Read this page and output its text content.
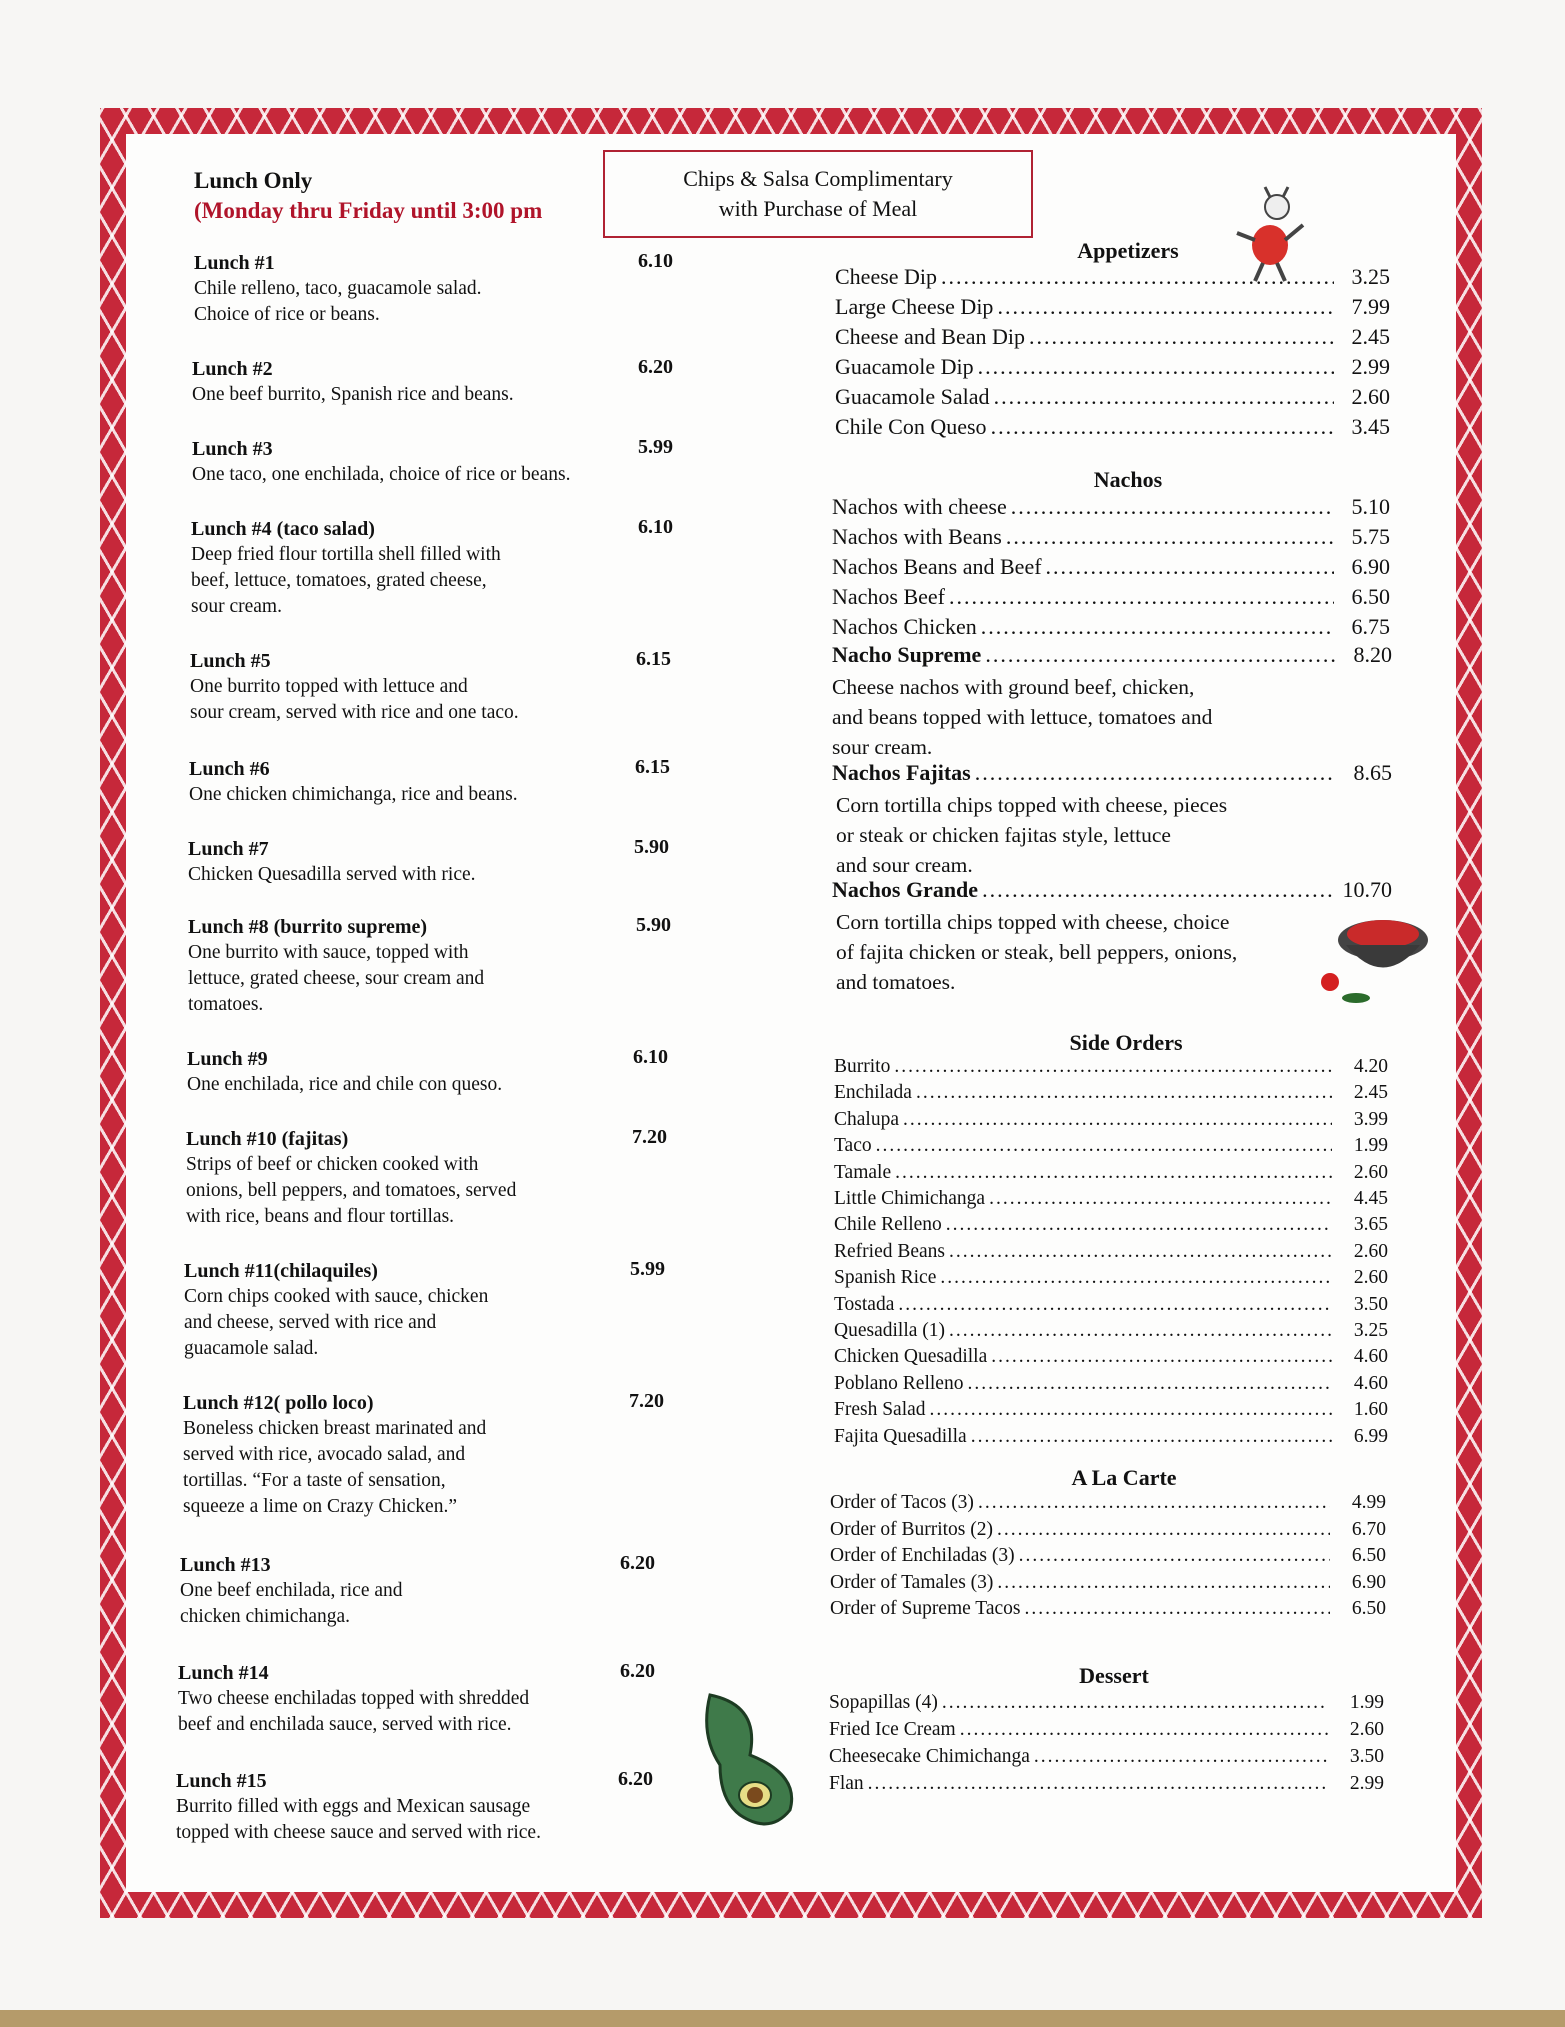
Lunch Only
(Monday thru Friday until 3:00 pm
Chips & Salsa Complimentary
with Purchase of Meal
Lunch #1
Chile relleno, taco, guacamole salad.
Choice of rice or beans.
6.10
Lunch #2
One beef burrito, Spanish rice and beans.
6.20
Lunch #3
One taco, one enchilada, choice of rice or beans.
5.99
Lunch #4 (taco salad)
Deep fried flour tortilla shell filled with
beef, lettuce, tomatoes, grated cheese,
sour cream.
6.10
Lunch #5
One burrito topped with lettuce and
sour cream, served with rice and one taco.
6.15
Lunch #6
One chicken chimichanga, rice and beans.
6.15
Lunch #7
Chicken Quesadilla served with rice.
5.90
Lunch #8 (burrito supreme)
One burrito with sauce, topped with
lettuce, grated cheese, sour cream and
tomatoes.
5.90
Lunch #9
One enchilada, rice and chile con queso.
6.10
Lunch #10 (fajitas)
Strips of beef or chicken cooked with
onions, bell peppers, and tomatoes, served
with rice, beans and flour tortillas.
7.20
Lunch #11(chilaquiles)
Corn chips cooked with sauce, chicken
and cheese, served with rice and
guacamole salad.
5.99
Lunch #12( pollo loco)
Boneless chicken breast marinated and
served with rice, avocado salad, and
tortillas. “For a taste of sensation,
squeeze a lime on Crazy Chicken.”
7.20
Lunch #13
One beef enchilada, rice and
chicken chimichanga.
6.20
Lunch #14
Two cheese enchiladas topped with shredded
beef and enchilada sauce, served with rice.
6.20
Lunch #15
Burrito filled with eggs and Mexican sausage
topped with cheese sauce and served with rice.
6.20
Appetizers
Cheese Dip .....	3.25
Large Cheese Dip .....	7.99
Cheese and Bean Dip .....	2.45
Guacamole Dip .....	2.99
Guacamole Salad .....	2.60
Chile Con Queso .....	3.45
Nachos
Nachos with cheese .....	5.10
Nachos with Beans .....	5.75
Nachos Beans and Beef .....	6.90
Nachos Beef .....	6.50
Nachos Chicken .....	6.75
Nacho Supreme .....	8.20
Cheese nachos with ground beef, chicken,
and beans topped with lettuce, tomatoes and
sour cream.
Nachos Fajitas .....	8.65
Corn tortilla chips topped with cheese, pieces
or steak or chicken fajitas style, lettuce
and sour cream.
Nachos Grande .....	10.70
Corn tortilla chips topped with cheese, choice
of fajita chicken or steak, bell peppers, onions,
and tomatoes.
Side Orders
Burrito .....	4.20
Enchilada .....	2.45
Chalupa .....	3.99
Taco .....	1.99
Tamale .....	2.60
Little Chimichanga .....	4.45
Chile Relleno .....	3.65
Refried Beans .....	2.60
Spanish Rice .....	2.60
Tostada .....	3.50
Quesadilla (1) .....	3.25
Chicken Quesadilla .....	4.60
Poblano Relleno .....	4.60
Fresh Salad .....	1.60
Fajita Quesadilla .....	6.99
A La Carte
Order of Tacos (3) .....	4.99
Order of Burritos (2) .....	6.70
Order of Enchiladas (3) .....	6.50
Order of Tamales (3) .....	6.90
Order of Supreme Tacos .....	6.50
Dessert
Sopapillas (4) .....	1.99
Fried Ice Cream .....	2.60
Cheesecake Chimichanga .....	3.50
Flan .....	2.99
